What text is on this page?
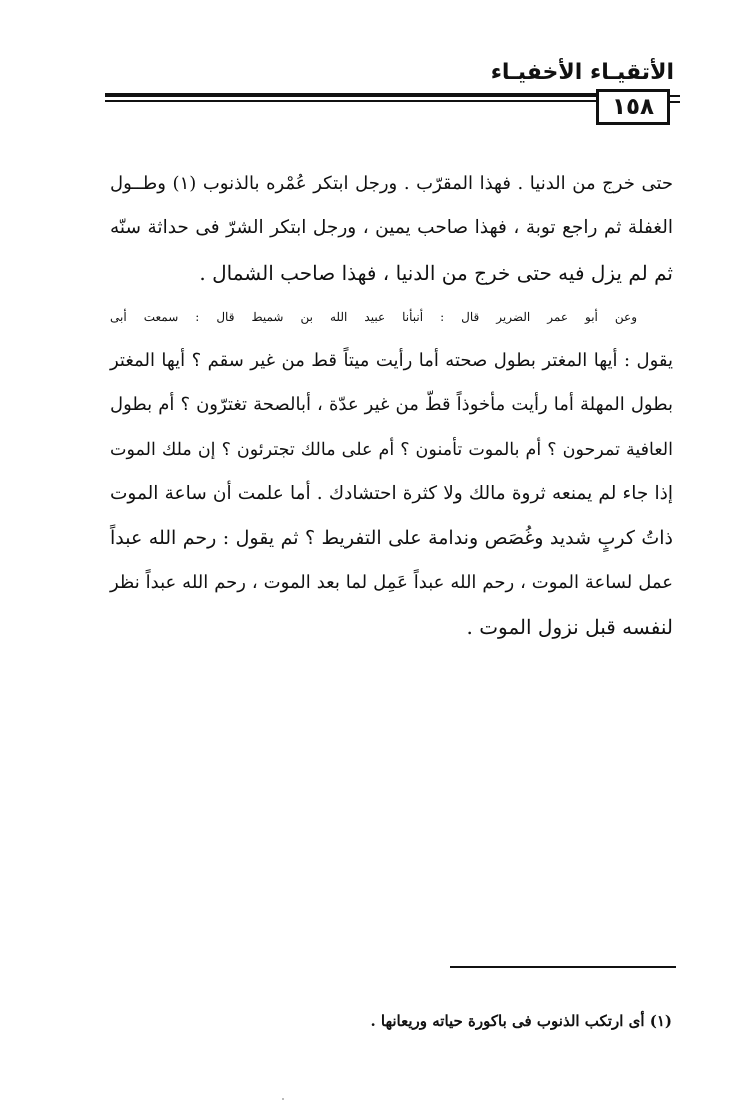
الأتقيـاء الأخفيـاء
١٥٨

حتى خرج من الدنيا . فهذا المقرّب . ورجل ابتكر عُمْره بالذنوب (١) وطــول
الغفلة ثم راجع توبة ، فهذا صاحب يمين ، ورجل ابتكر الشرّ فى حداثة سنّه
ثم لم يزل فيه حتى خرج من الدنيا ، فهذا صاحب الشمال .

وعن أبو عمر الضرير قال : أنبأنا عبيد الله بن شميط قال : سمعت أبى
يقول : أيها المغتر بطول صحته أما رأيت ميتاً قط من غير سقم ؟ أيها المغتر
بطول المهلة أما رأيت مأخوذاً قطّ من غير عدّة ، أبالصحة تغترّون ؟ أم بطول
العافية تمرحون ؟ أم بالموت تأمنون ؟ أم على مالك تجترئون ؟ إن ملك الموت
إذا جاء لم يمنعه ثروة مالك ولا كثرة احتشادك . أما علمت أن ساعة الموت
ذاتُ كربٍ شديد وغُصَص وندامة على التفريط ؟ ثم يقول : رحم الله عبداً
عمل لساعة الموت ، رحم الله عبداً عَمِل لما بعد الموت ، رحم الله عبداً نظر
لنفسه قبل نزول الموت .

(١) أى ارتكب الذنوب فى باكورة حياته وريعانها .
